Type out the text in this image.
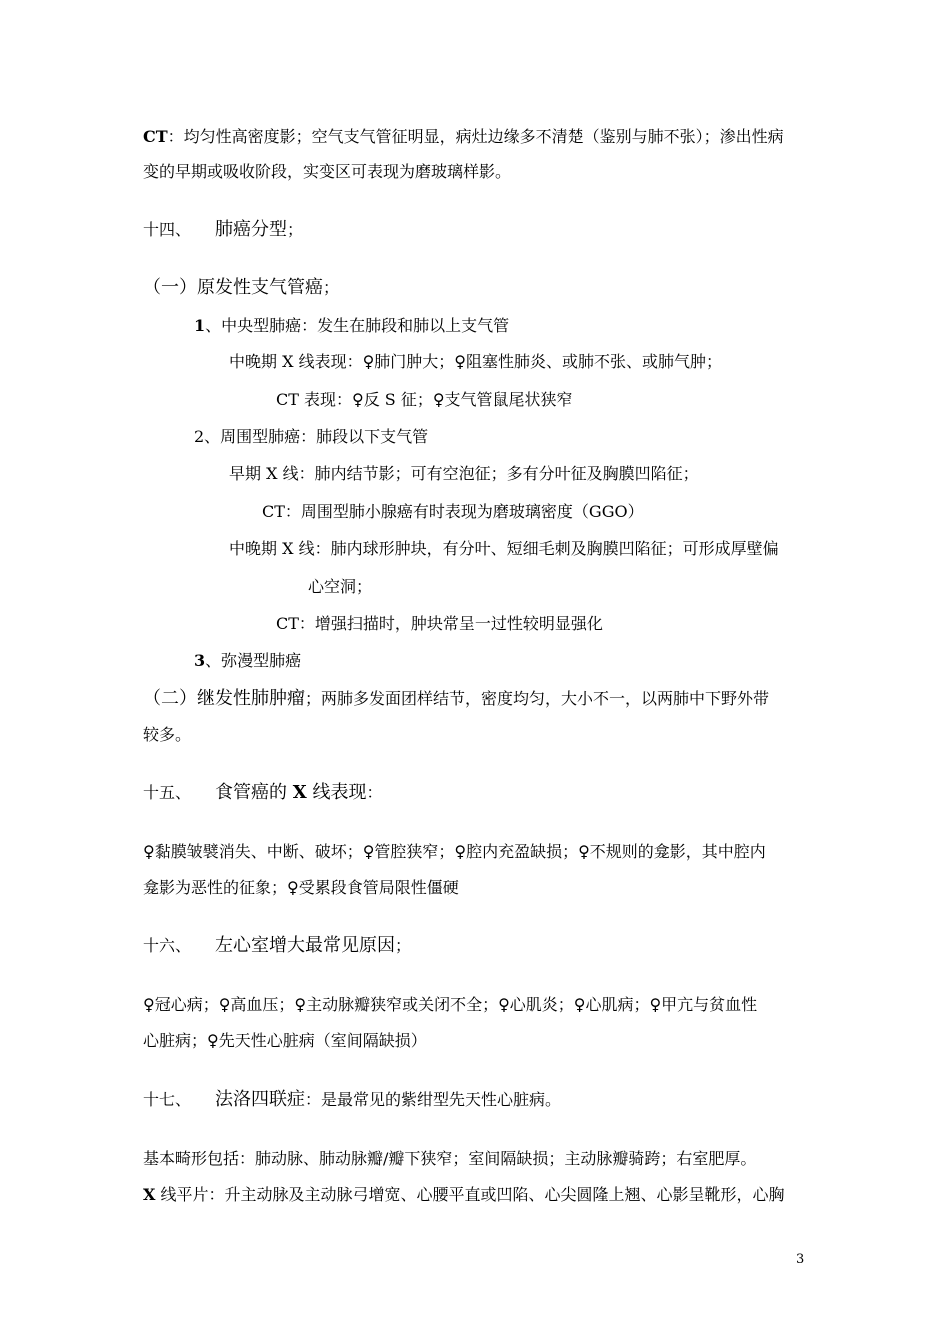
CT：均匀性高密度影；空气支气管征明显，病灶边缘多不清楚（鉴别与肺不张）；渗出性病
变的早期或吸收阶段，实变区可表现为磨玻璃样影。
十四、 肺癌分型；
（一）原发性支气管癌；
1、中央型肺癌：发生在肺段和肺以上支气管
中晚期 X 线表现：♀肺门肿大；♀阻塞性肺炎、或肺不张、或肺气肿；
CT 表现：♀反 S 征；♀支气管鼠尾状狭窄
2、周围型肺癌：肺段以下支气管
早期 X 线：肺内结节影；可有空泡征；多有分叶征及胸膜凹陷征；
CT：周围型肺小腺癌有时表现为磨玻璃密度（GGO）
中晚期 X 线：肺内球形肿块，有分叶、短细毛刺及胸膜凹陷征；可形成厚壁偏
心空洞；
CT：增强扫描时，肿块常呈一过性较明显强化
3、弥漫型肺癌
（二）继发性肺肿瘤；两肺多发面团样结节，密度均匀，大小不一，以两肺中下野外带
较多。
十五、 食管癌的 X 线表现：
♀黏膜皱襞消失、中断、破坏；♀管腔狭窄；♀腔内充盈缺损；♀不规则的龛影，其中腔内
龛影为恶性的征象；♀受累段食管局限性僵硬
十六、 左心室增大最常见原因；
♀冠心病；♀高血压；♀主动脉瓣狭窄或关闭不全；♀心肌炎；♀心肌病；♀甲亢与贫血性
心脏病；♀先天性心脏病（室间隔缺损）
十七、 法洛四联症：是最常见的紫绀型先天性心脏病。
基本畸形包括：肺动脉、肺动脉瓣/瓣下狭窄；室间隔缺损；主动脉瓣骑跨；右室肥厚。
X 线平片：升主动脉及主动脉弓增宽、心腰平直或凹陷、心尖圆隆上翘、心影呈靴形，心胸
3
